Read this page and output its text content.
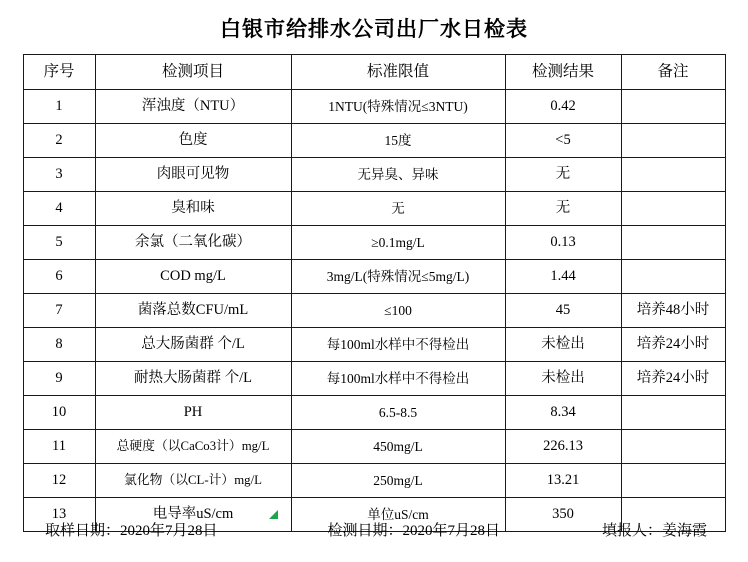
白银市给排水公司出厂水日检表
序号	检测项目	标准限值	检测结果	备注

1	浑浊度（NTU）	1NTU(特殊情况≤3NTU)	0.42	

2	色度	15度	<5	

3	肉眼可见物	无异臭、异味	无	

4	臭和味	无	无	

5	余氯（二氧化碳）	≥0.1mg/L	0.13	

6	COD mg/L	3mg/L(特殊情况≤5mg/L)	1.44	

7	菌落总数CFU/mL	≤100	45	培养48小时

8	总大肠菌群 个/L	每100ml水样中不得检出	未检出	培养24小时

9	耐热大肠菌群 个/L	每100ml水样中不得检出	未检出	培养24小时

10	PH	6.5-8.5	8.34	

11	总硬度（以CaCo3计）mg/L	450mg/L	226.13	

12	氯化物（以CL-计）mg/L	250mg/L	13.21	

13	电导率uS/cm	单位uS/cm	350	

取样日期：2020年7月28日	检测日期：2020年7月28日	填报人：姜海霞
